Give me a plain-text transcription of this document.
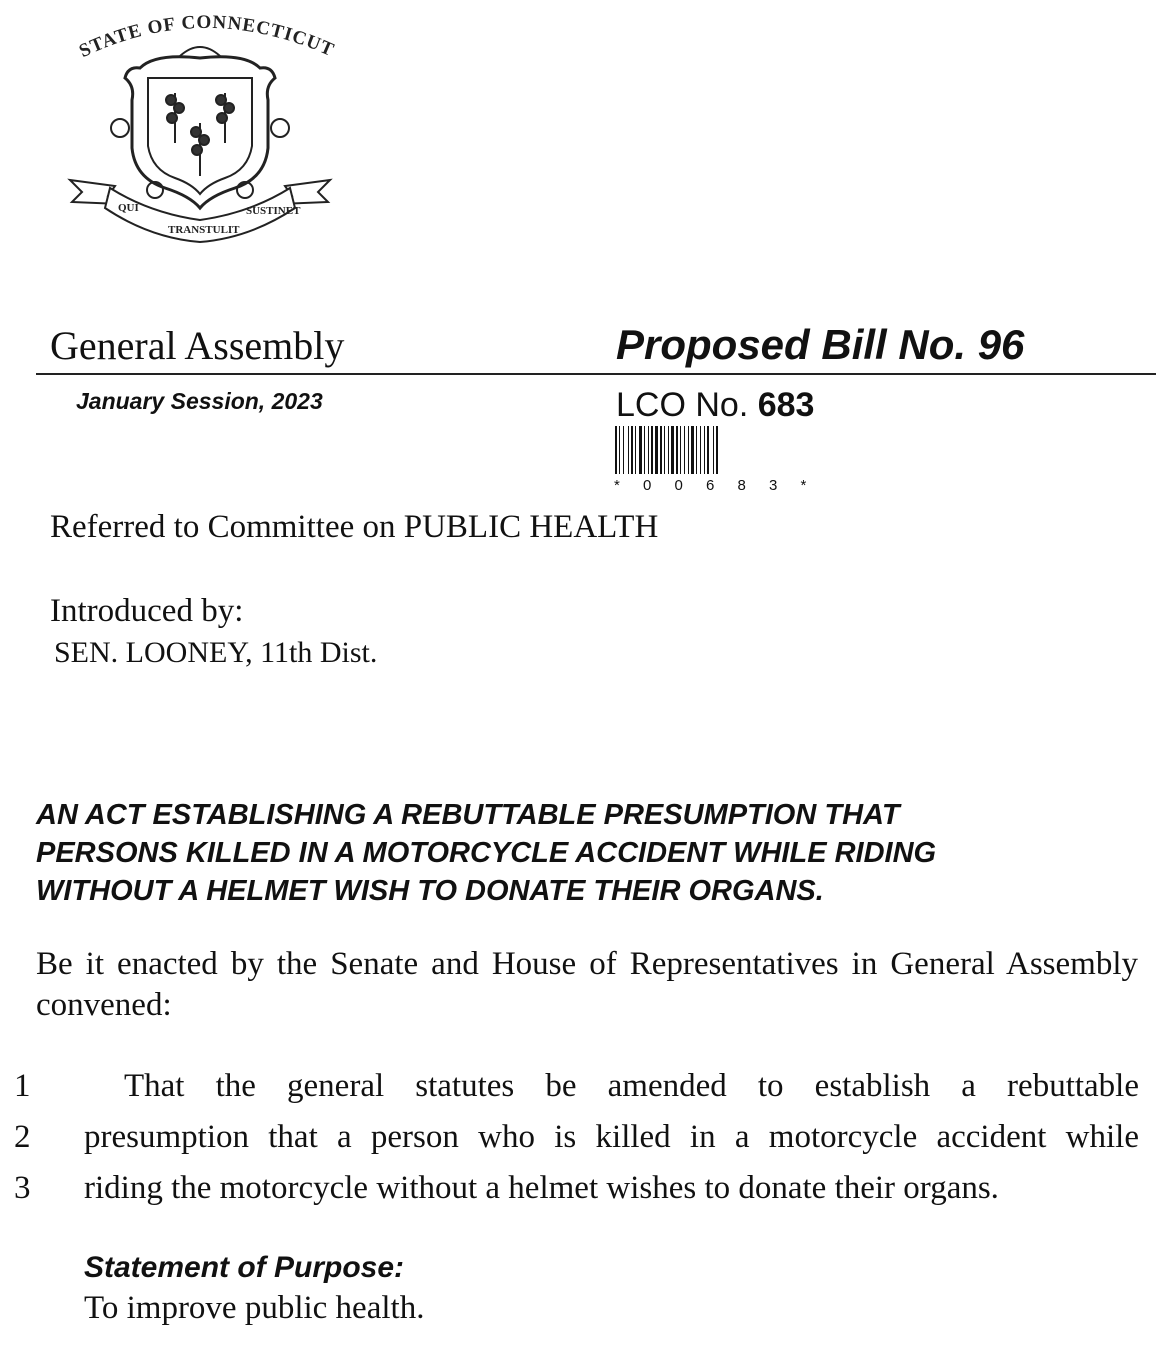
STATE OF CONNECTICUT
QUI TRANSTULIT SUSTINET
General Assembly	Proposed Bill No. 96
January Session, 2023	LCO No. 683
* 0 0 6 8 3 *
Referred to Committee on PUBLIC HEALTH
Introduced by:
SEN. LOONEY, 11th Dist.
AN ACT ESTABLISHING A REBUTTABLE PRESUMPTION THAT
PERSONS KILLED IN A MOTORCYCLE ACCIDENT WHILE RIDING
WITHOUT A HELMET WISH TO DONATE THEIR ORGANS.
Be it enacted by the Senate and House of Representatives in General Assembly convened:
1	That the general statutes be amended to establish a rebuttable
2 presumption that a person who is killed in a motorcycle accident while
3 riding the motorcycle without a helmet wishes to donate their organs.
Statement of Purpose:
To improve public health.
